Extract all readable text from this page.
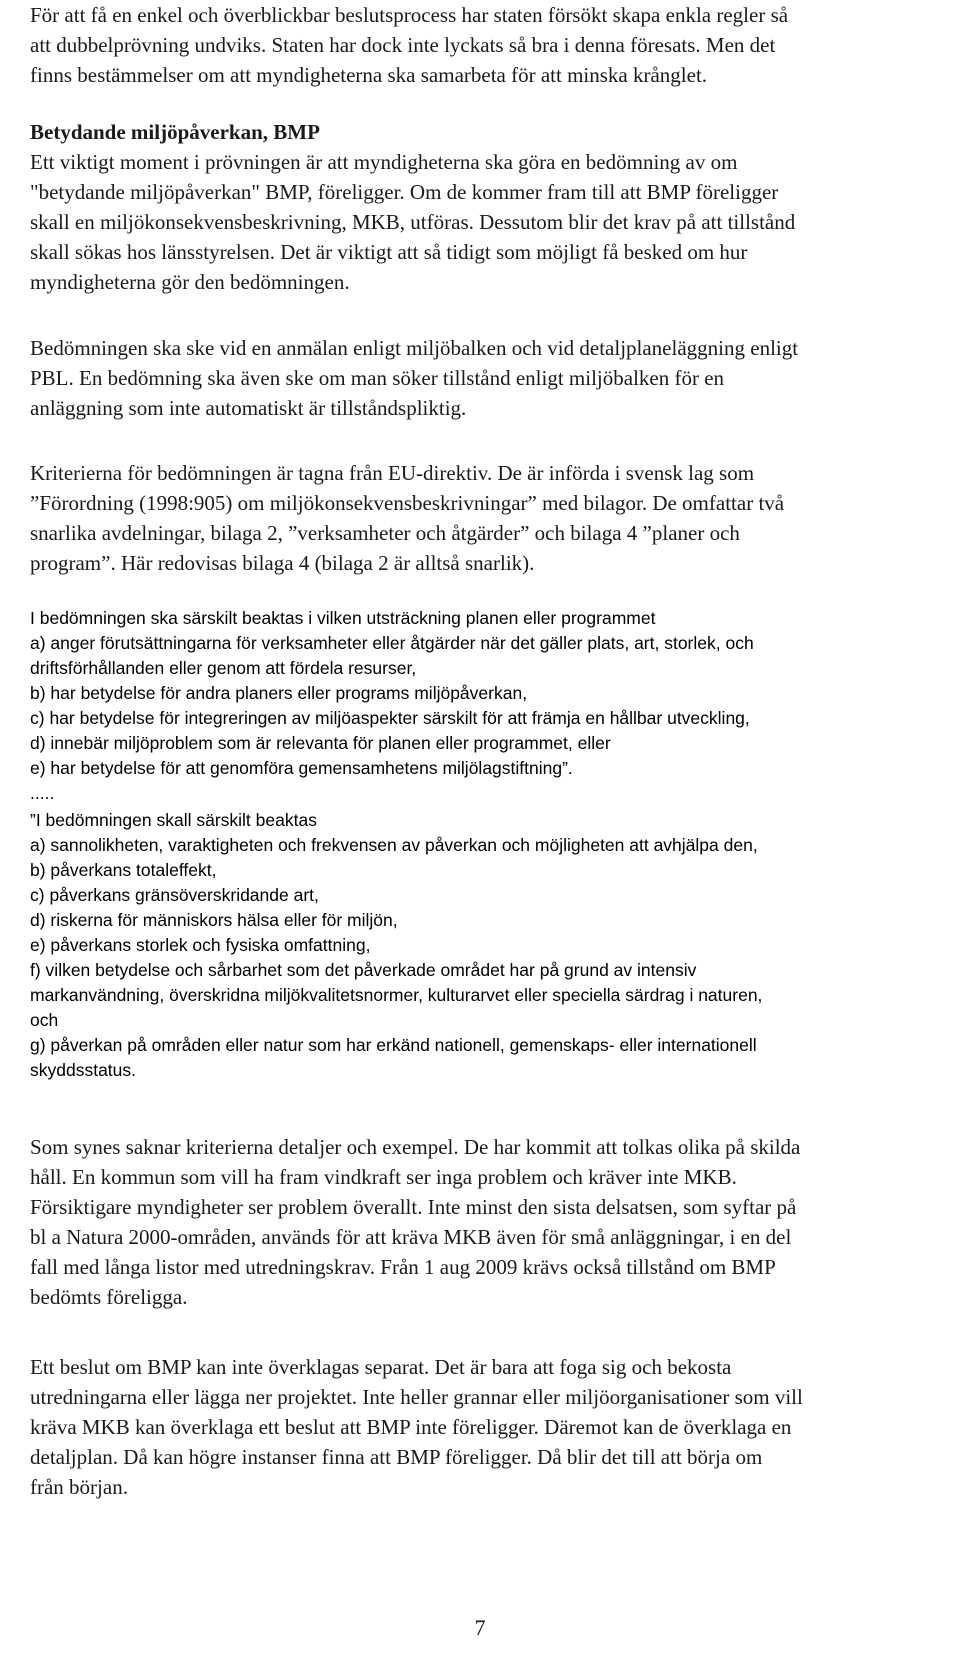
För att få en enkel och överblickbar beslutsprocess har staten försökt skapa enkla regler så

att dubbelprövning undviks. Staten har dock inte lyckats så bra i denna föresats. Men det

finns bestämmelser om att myndigheterna ska samarbeta för att minska krånglet.

Betydande miljöpåverkan, BMP

Ett viktigt moment i prövningen är att myndigheterna ska göra en bedömning av om

"betydande miljöpåverkan" BMP, föreligger. Om de kommer fram till att BMP föreligger

skall en miljökonsekvensbeskrivning, MKB, utföras. Dessutom blir det krav på att tillstånd

skall sökas hos länsstyrelsen. Det är viktigt att så tidigt som möjligt få besked om hur

myndigheterna gör den bedömningen.

Bedömningen ska ske vid en anmälan enligt miljöbalken och vid detaljplaneläggning enligt

PBL. En bedömning ska även ske om man söker tillstånd enligt miljöbalken för en

anläggning som inte automatiskt är tillståndspliktig.

Kriterierna för bedömningen är tagna från EU-direktiv. De är införda i svensk lag som

”Förordning (1998:905) om miljökonsekvensbeskrivningar” med bilagor. De omfattar två

snarlika avdelningar, bilaga 2, ”verksamheter och åtgärder” och bilaga 4 ”planer och

program”. Här redovisas bilaga 4 (bilaga 2 är alltså snarlik).

I bedömningen ska särskilt beaktas i vilken utsträckning planen eller programmet

a) anger förutsättningarna för verksamheter eller åtgärder när det gäller plats, art, storlek, och

driftsförhållanden eller genom att fördela resurser,

b) har betydelse för andra planers eller programs miljöpåverkan,

c) har betydelse för integreringen av miljöaspekter särskilt för att främja en hållbar utveckling,

d) innebär miljöproblem som är relevanta för planen eller programmet, eller

e) har betydelse för att genomföra gemensamhetens miljölagstiftning”.

.....

”I bedömningen skall särskilt beaktas

a) sannolikheten, varaktigheten och frekvensen av påverkan och möjligheten att avhjälpa den,

b) påverkans totaleffekt,

c) påverkans gränsöverskridande art,

d) riskerna för människors hälsa eller för miljön,

e) påverkans storlek och fysiska omfattning,

f) vilken betydelse och sårbarhet som det påverkade området har på grund av intensiv

markanvändning, överskridna miljökvalitetsnormer, kulturarvet eller speciella särdrag i naturen,

och

g) påverkan på områden eller natur som har erkänd nationell, gemenskaps- eller internationell

skyddsstatus.

Som synes saknar kriterierna detaljer och exempel. De har kommit att tolkas olika på skilda

håll. En kommun som vill ha fram vindkraft ser inga problem och kräver inte MKB.

Försiktigare myndigheter ser problem överallt. Inte minst den sista delsatsen, som syftar på

bl a Natura 2000-områden, används för att kräva MKB även för små anläggningar, i en del

fall med långa listor med utredningskrav. Från 1 aug 2009 krävs också tillstånd om BMP

bedömts föreligga.

Ett beslut om BMP kan inte överklagas separat. Det är bara att foga sig och bekosta

utredningarna eller lägga ner projektet. Inte heller grannar eller miljöorganisationer som vill

kräva MKB kan överklaga ett beslut att BMP inte föreligger. Däremot kan de överklaga en

detaljplan. Då kan högre instanser finna att BMP föreligger. Då blir det till att börja om

från början.

7
